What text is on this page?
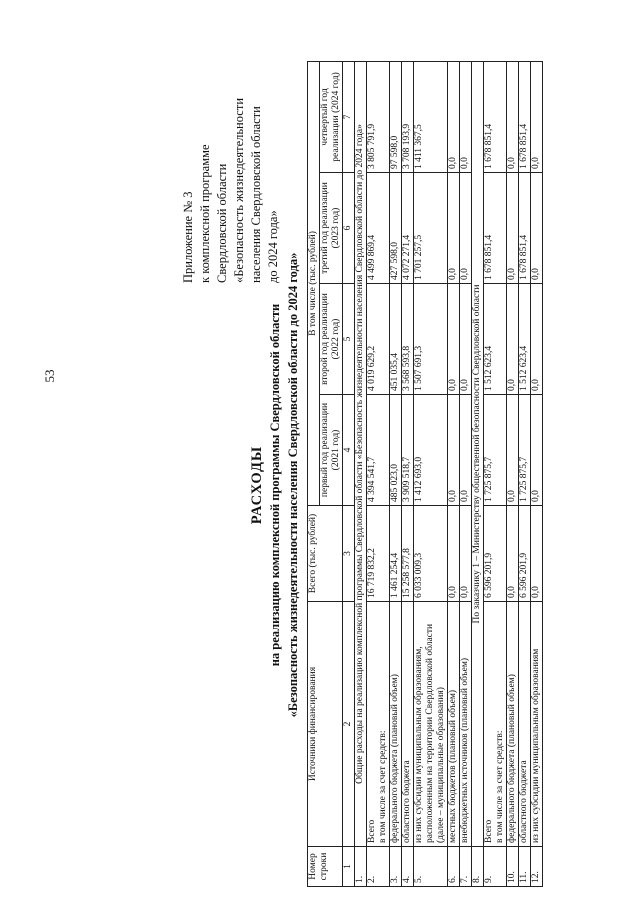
53
Приложение № 3 к комплексной программе Свердловской области «Безопасность жизнедеятельности населения Свердловской области до 2024 года»
РАСХОДЫ на реализацию комплексной программы Свердловской области «Безопасность жизнедеятельности населения Свердловской области до 2024 года»
Номер строки	Источники финансирования	Всего (тыс. рублей)	В том числе (тыс. рублей)			
			первый год реализации (2021 год)	второй год реализации (2022 год)	третий год реализации (2023 год)	четвертый год реализации (2024 год)
1	2	3	4	5	6	7
1.	Общие расходы на реализацию комплексной программы Свердловской области «Безопасность жизнедеятельности населения Свердловской области до 2024 года»					
2.	Всего в том числе за счет средств:	16 719 832,2	4 394 541,7	4 019 629,2	4 499 869,4	3 805 791,9
3.	федерального бюджета (плановый объем)	1 461 254,4	485 023,0	451 035,4	427 598,0	97 598,0
4.	областного бюджета	15 258 577,8	3 909 518,7	3 568 593,8	4 072 271,4	3 708 193,9
5.	из них субсидии муниципальным образованиям, расположенным на территории Свердловской области (далее – муниципальные образования)	6 033 009,3	1 412 693,0	1 507 691,3	1 701 257,5	1 411 367,5
6.	местных бюджетов (плановый объем)	0,0	0,0	0,0	0,0	0,0
7.	внебюджетных источников (плановый объем)	0,0	0,0	0,0	0,0	0,0
8.	По заказчику 1 – Министерству общественной безопасности Свердловской области					
9.	Всего в том числе за счет средств:	6 596 201,9	1 725 875,7	1 512 623,4	1 678 851,4	1 678 851,4
10.	федерального бюджета (плановый объем)	0,0	0,0	0,0	0,0	0,0
11.	областного бюджета	6 596 201,9	1 725 875,7	1 512 623,4	1 678 851,4	1 678 851,4
12.	из них субсидии муниципальным образованиям	0,0	0,0	0,0	0,0	0,0
